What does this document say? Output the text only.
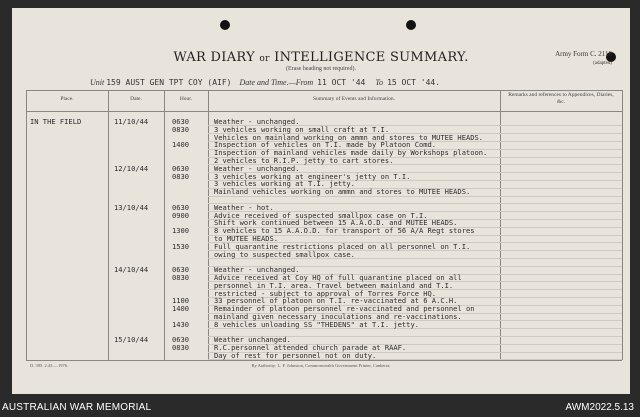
WAR DIARY or INTELLIGENCE SUMMARY.
(Erase heading not required).
Army Form C. 2118
(adapted)
Unit 159 AUST GEN TPT COY (AIF) Date and Time.—From 11 OCT '44 To 15 OCT '44.
Place.	Date.	Hour.	Summary of Events and Information.
Remarks and references to Appendices, Diaries, &c.
IN THE FIELD	11/10/44	0630	Weather - unchanged.
0830	3 vehicles working on small craft at T.I.
Vehicles on mainland working on ammn and stores to MUTEE HEADS.
1400	Inspection of vehicles on T.I. made by Platoon Comd.
Inspection of mainland vehicles made daily by Workshops platoon.
2 vehicles to R.I.P. jetty to cart stores.
12/10/44	0630	Weather - unchanged.
0830	3 vehicles working at engineer's jetty on T.I.
3 vehicles working at T.I. jetty.
Mainland vehicles working on ammn and stores to MUTEE HEADS.
13/10/44	0630	Weather - hot.
0900	Advice received of suspected smallpox case on T.I.
Shift work continued between 15 A.A.O.D. and MUTEE HEADS.
1300	8 vehicles to 15 A.A.O.D. for transport of 56 A/A Regt stores
to MUTEE HEADS.
1530	Full quarantine restrictions placed on all personnel on T.I.
owing to suspected smallpox case.
14/10/44	0630	Weather - unchanged.
0830	Advice received at Coy HQ of full quarantine placed on all
personnel in T.I. area. Travel between mainland and T.I.
restricted - subject to approval of Torres Force HQ.
1100	33 personnel of platoon on T.I. re-vaccinated at 6 A.C.H.
1400	Remainder of platoon personnel re-vaccinated and personnel on
mainland given necessary inoculations and re-vaccinations.
1430	8 vehicles unloading SS "THEDENS" at T.I. jetty.
15/10/44	0630	Weather unchanged.
0830	R.C.personnel attended church parade at RAAF.
Day of rest for personnel not on duty.
D. 395. 2.43.—1976.	By Authority: L. F. Johnston, Commonwealth Government Printer, Canberra.
AUSTRALIAN WAR MEMORIAL	AWM2022.5.13
